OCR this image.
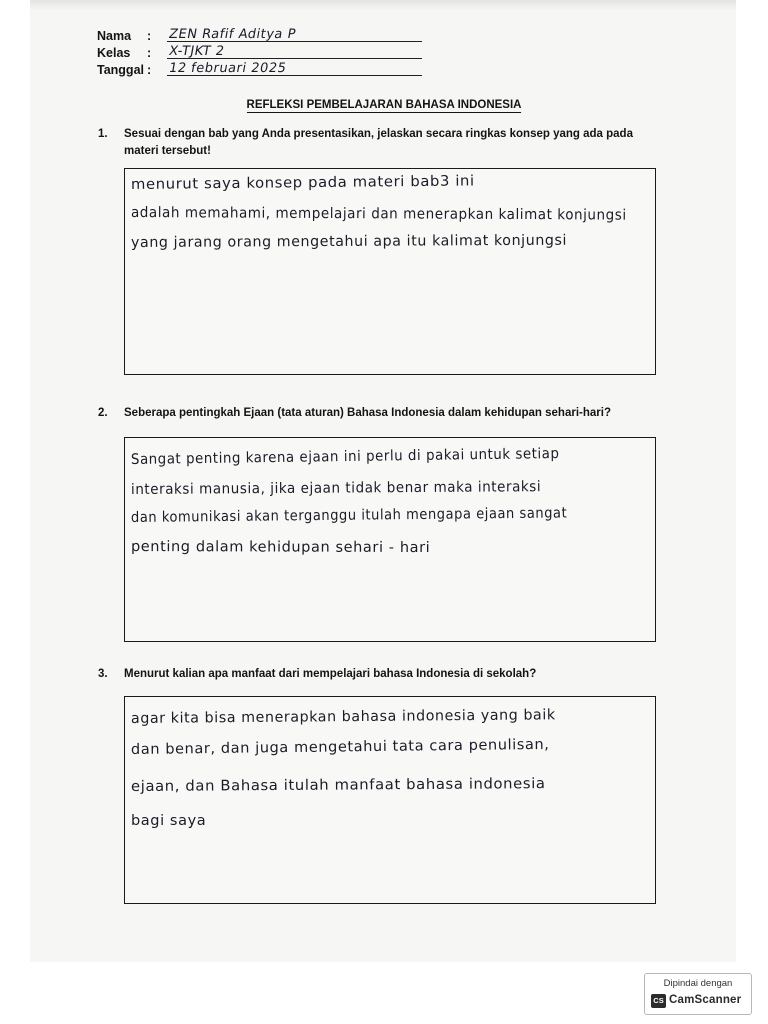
Nama : ZEN Rafif Aditya P
Kelas : X-TJKT 2
Tanggal : 12 februari 2025
REFLEKSI PEMBELAJARAN BAHASA INDONESIA
1. Sesuai dengan bab yang Anda presentasikan, jelaskan secara ringkas konsep yang ada pada materi tersebut!
menurut saya konsep pada materi bab3 ini
adalah memahami, mempelajari dan menerapkan kalimat konjungsi
yang jarang orang mengetahui apa itu kalimat konjungsi
2. Seberapa pentingkah Ejaan (tata aturan) Bahasa Indonesia dalam kehidupan sehari-hari?
Sangat penting karena ejaan ini perlu di pakai untuk setiap
interaksi manusia, jika ejaan tidak benar maka interaksi
dan komunikasi akan terganggu itulah mengapa ejaan sangat
penting dalam kehidupan sehari - hari
3. Menurut kalian apa manfaat dari mempelajari bahasa Indonesia di sekolah?
agar kita bisa menerapkan bahasa indonesia yang baik
dan benar, dan juga mengetahui tata cara penulisan,
ejaan, dan Bahasa itulah manfaat bahasa indonesia
bagi saya
Dipindai dengan
CS CamScanner
